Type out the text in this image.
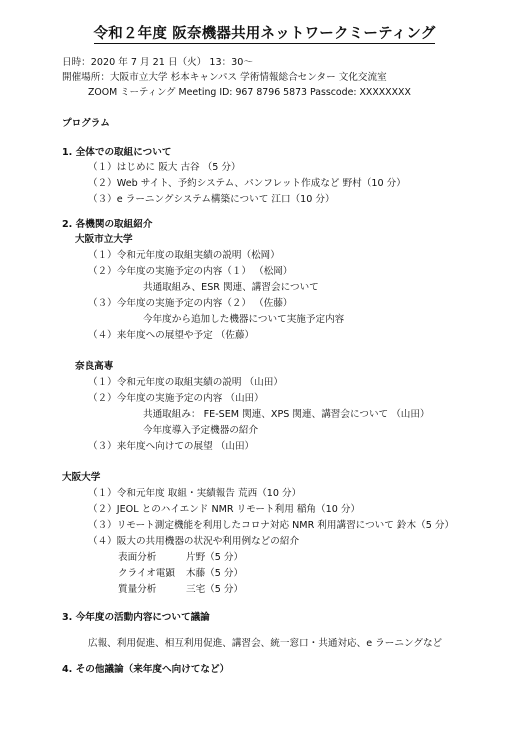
令和２年度 阪奈機器共用ネットワークミーティング
日時：2020 年 7 月 21 日（火） 13：30～
開催場所：大阪市立大学 杉本キャンパス 学術情報総合センター 文化交流室
ZOOM ミーティング Meeting ID: 967 8796 5873 Passcode: XXXXXXXX
プログラム
1. 全体での取組について
（１）はじめに 阪大 古谷 （5 分）
（２）Web サイト、予約システム、パンフレット作成など 野村（10 分）
（３）e ラーニングシステム構築について 江口（10 分）
2. 各機関の取組紹介
大阪市立大学
（１）令和元年度の取組実績の説明（松岡）
（２）今年度の実施予定の内容（１） （松岡）
共通取組み、ESR 関連、講習会について
（３）今年度の実施予定の内容（２） （佐藤）
今年度から追加した機器について実施予定内容
（４）来年度への展望や予定 （佐藤）
奈良高専
（１）令和元年度の取組実績の説明 （山田）
（２）今年度の実施予定の内容 （山田）
共通取組み： FE-SEM 関連、XPS 関連、講習会について （山田）
今年度導入予定機器の紹介
（３）来年度へ向けての展望 （山田）
大阪大学
（１）令和元年度 取組・実績報告 荒西（10 分）
（２）JEOL とのハイエンド NMR リモート利用 稲角（10 分）
（３）リモート測定機能を利用したコロナ対応 NMR 利用講習について 鈴木（5 分）
（４）阪大の共用機器の状況や利用例などの紹介
表面分析	片野（5 分）
クライオ電顕 木藤（5 分）
質量分析	三宅（5 分）
3. 今年度の活動内容について議論
広報、利用促進、相互利用促進、講習会、統一窓口・共通対応、e ラーニングなど
4. その他議論（来年度へ向けてなど）
